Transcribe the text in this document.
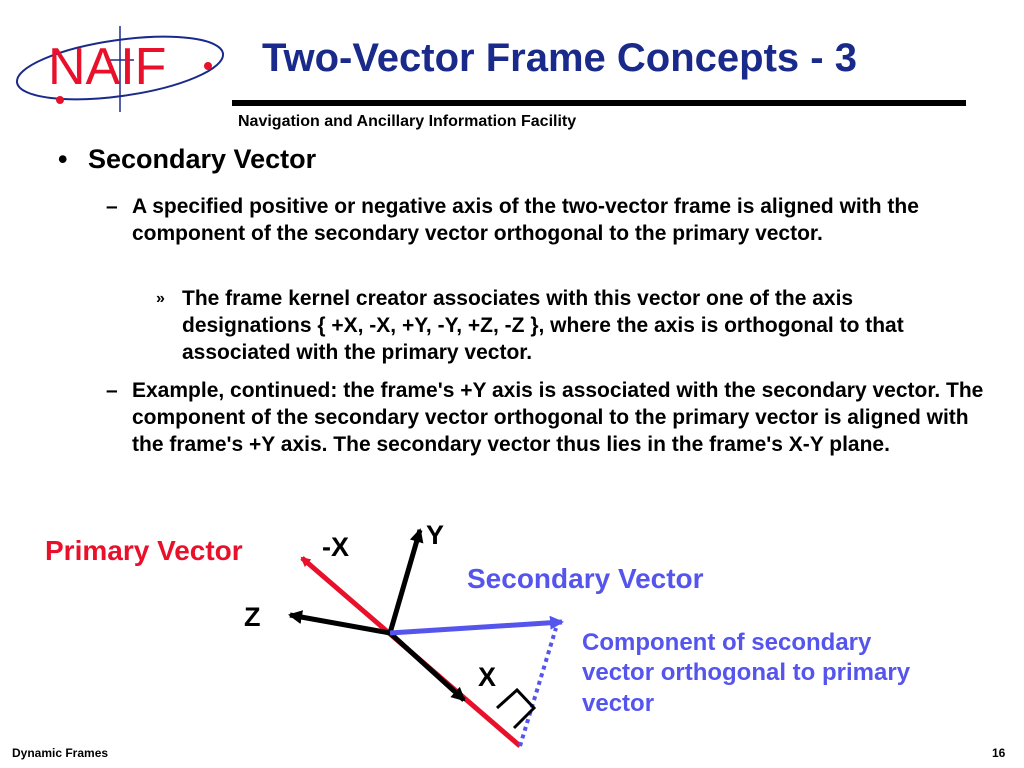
NAIF Two-Vector Frame Concepts - 3
Navigation and Ancillary Information Facility
• Secondary Vector
– A specified positive or negative axis of the two-vector frame is aligned with the component of the secondary vector orthogonal to the primary vector.
» The frame kernel creator associates with this vector one of the axis designations { +X, -X, +Y, -Y, +Z, -Z }, where the axis is orthogonal to that associated with the primary vector.
– Example, continued: the frame's +Y axis is associated with the secondary vector. The component of the secondary vector orthogonal to the primary vector is aligned with the frame's +Y axis. The secondary vector thus lies in the frame's X-Y plane.
Primary Vector	-X	Y
Secondary Vector
Z
X
Component of secondary
vector orthogonal to primary
vector
Dynamic Frames	16
